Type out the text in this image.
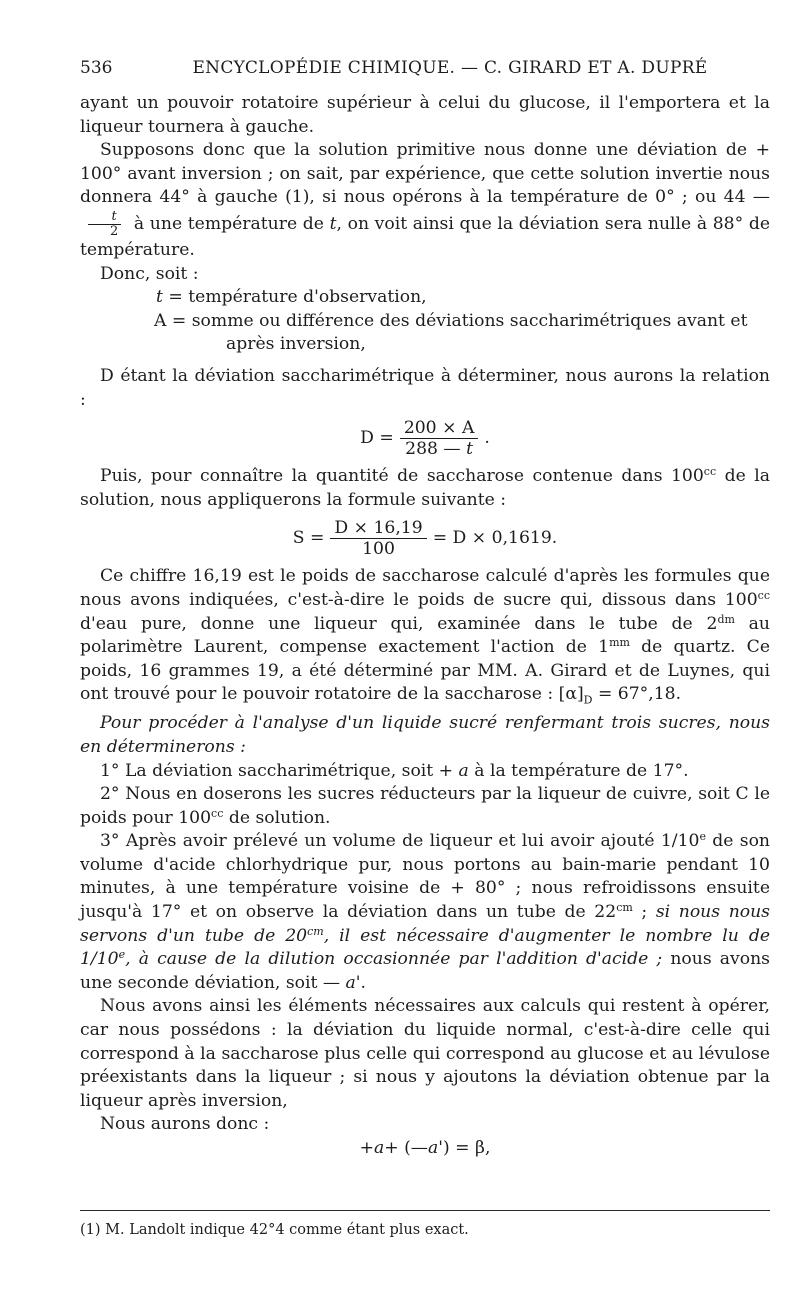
536	ENCYCLOPÉDIE CHIMIQUE. — C. GIRARD ET A. DUPRÉ

ayant un pouvoir rotatoire supérieur à celui du glucose, il l'emportera et la liqueur tournera à gauche.

Supposons donc que la solution primitive nous donne une déviation de + 100° avant inversion ; on sait, par expérience, que cette solution invertie nous donnera 44° à gauche (1), si nous opérons à la température de 0° ; ou 44 —
$\frac{t}{2}$ à une température de t, on voit ainsi que la déviation sera nulle à 88° de température.

Donc, soit :

t = température d'observation,

A = somme ou différence des déviations saccharimétriques avant et

après inversion,

D étant la déviation saccharimétrique à déterminer, nous aurons la relation :

$D = \frac{200 \times A}{288 — t}$ .

Puis, pour connaître la quantité de saccharose contenue dans $100^{cc}$ de la solution, nous appliquerons la formule suivante :

$S = \frac{D \times 16,19}{100} = D \times 0,1619$.

Ce chiffre 16,19 est le poids de saccharose calculé d'après les formules que nous avons indiquées, c'est-à-dire le poids de sucre qui, dissous dans $100^{cc}$ d'eau pure, donne une liqueur qui, examinée dans le tube de $2^{dm}$ au polarimètre Laurent, compense exactement l'action de $1^{mm}$ de quartz. Ce poids, 16 grammes 19, a été déterminé par MM. A. Girard et de Luynes, qui ont trouvé pour le pouvoir rotatoire de la saccharose : $[\alpha]_D = 67^\circ,18$.

Pour procéder à l'analyse d'un liquide sucré renfermant trois sucres, nous en déterminerons :

1° La déviation saccharimétrique, soit + a à la température de 17°.

2° Nous en doserons les sucres réducteurs par la liqueur de cuivre, soit C le poids pour $100^{cc}$ de solution.

3° Après avoir prélevé un volume de liqueur et lui avoir ajouté 1/10e de son volume d'acide chlorhydrique pur, nous portons au bain-marie pendant 10 minutes, à une température voisine de + 80° ; nous refroidissons ensuite jusqu'à 17° et on observe la déviation dans un tube de $22^{cm}$ ; si nous nous servons d'un tube de $20^{cm}$, il est nécessaire d'augmenter le nombre lu de 1/10e, à cause de la dilution occasionnée par l'addition d'acide ; nous avons une seconde déviation, soit — a'.

Nous avons ainsi les éléments nécessaires aux calculs qui restent à opérer, car nous possédons : la déviation du liquide normal, c'est-à-dire celle qui correspond à la saccharose plus celle qui correspond au glucose et au lévulose préexistants dans la liqueur ; si nous y ajoutons la déviation obtenue par la liqueur après inversion,

Nous aurons donc :

+ a + (— a' ) = β,
(1) M. Landolt indique 42°4 comme étant plus exact.
